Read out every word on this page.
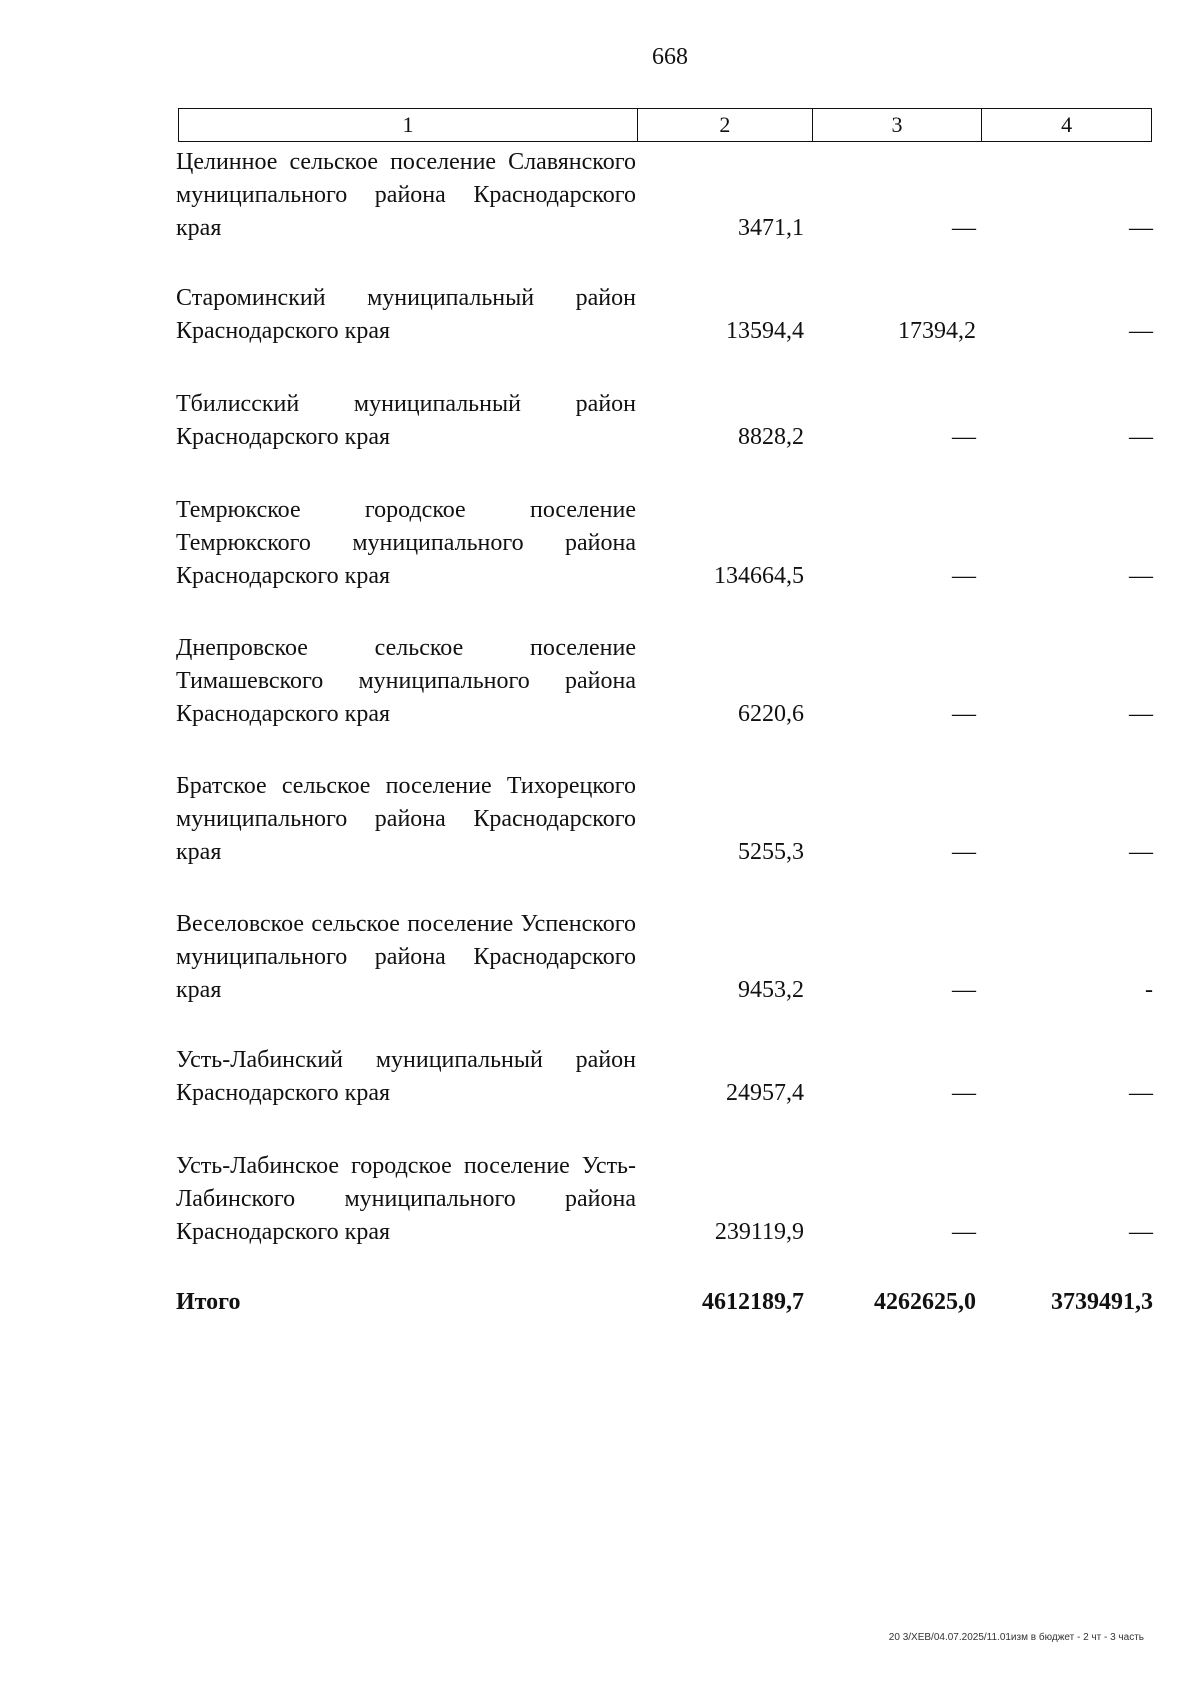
668
1	2	3	4
Целинное сельское поселение Славянского муниципального района Краснодарского края	3471,1	—	—
Староминский муниципальный район Краснодарского края	13594,4	17394,2	—
Тбилисский муниципальный район Краснодарского края	8828,2	—	—
Темрюкское городское поселение Темрюкского муниципального района Краснодарского края	134664,5	—	—
Днепровское сельское поселение Тимашевского муниципального района Краснодарского края	6220,6	—	—
Братское сельское поселение Тихорецкого муниципального района Краснодарского края	5255,3	—	—
Веселовское сельское поселение Успенского муниципального района Краснодарского края	9453,2	—	-
Усть-Лабинский муниципальный район Краснодарского края	24957,4	—	—
Усть-Лабинское городское поселение Усть-Лабинского муниципального района Краснодарского края	239119,9	—	—
Итого	4612189,7	4262625,0	3739491,3
20 3/ХЕВ/04.07.2025/11.01изм в бюджет - 2 чт - 3 часть
